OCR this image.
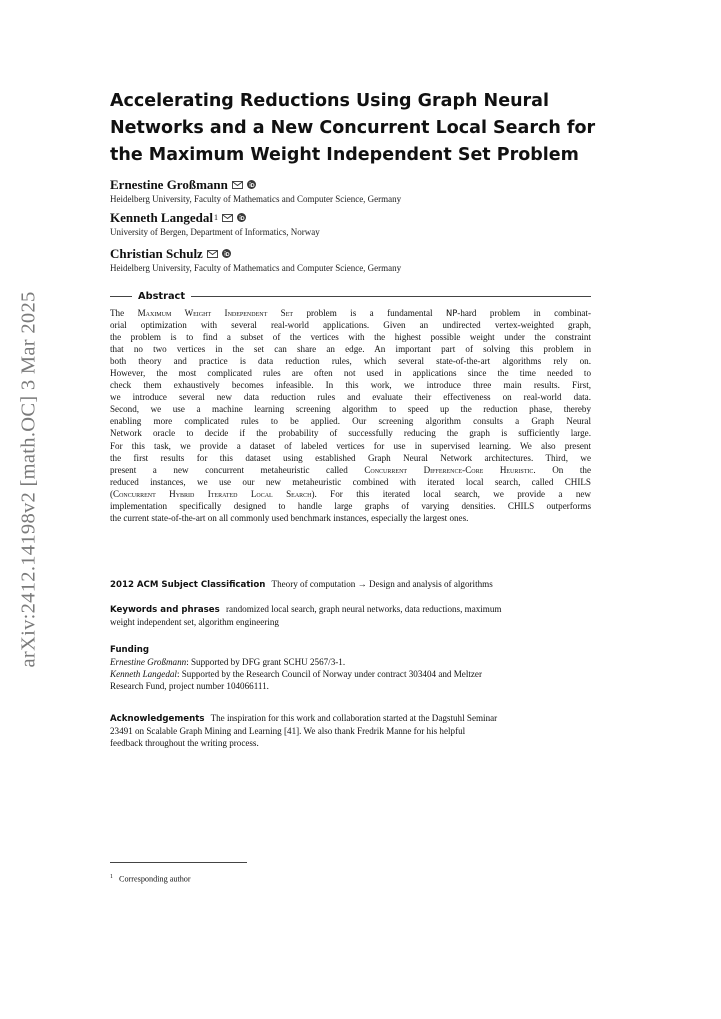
arXiv:2412.14198v2 [math.OC] 3 Mar 2025
Accelerating Reductions Using Graph Neural
Networks and a New Concurrent Local Search for
the Maximum Weight Independent Set Problem
Ernestine Großmann
Heidelberg University, Faculty of Mathematics and Computer Science, Germany
Kenneth Langedal 1
University of Bergen, Department of Informatics, Norway
Christian Schulz
Heidelberg University, Faculty of Mathematics and Computer Science, Germany
Abstract
The Maximum Weight Independent Set problem is a fundamental NP-hard problem in combinat-
orial optimization with several real-world applications. Given an undirected vertex-weighted graph,
the problem is to find a subset of the vertices with the highest possible weight under the constraint
that no two vertices in the set can share an edge. An important part of solving this problem in
both theory and practice is data reduction rules, which several state-of-the-art algorithms rely on.
However, the most complicated rules are often not used in applications since the time needed to
check them exhaustively becomes infeasible. In this work, we introduce three main results. First,
we introduce several new data reduction rules and evaluate their effectiveness on real-world data.
Second, we use a machine learning screening algorithm to speed up the reduction phase, thereby
enabling more complicated rules to be applied. Our screening algorithm consults a Graph Neural
Network oracle to decide if the probability of successfully reducing the graph is sufficiently large.
For this task, we provide a dataset of labeled vertices for use in supervised learning. We also present
the first results for this dataset using established Graph Neural Network architectures. Third, we
present a new concurrent metaheuristic called Concurrent Difference-Core Heuristic. On the
reduced instances, we use our new metaheuristic combined with iterated local search, called CHILS
(Concurrent Hybrid Iterated Local Search). For this iterated local search, we provide a new
implementation specifically designed to handle large graphs of varying densities. CHILS outperforms
the current state-of-the-art on all commonly used benchmark instances, especially the largest ones.
2012 ACM Subject Classification Theory of computation → Design and analysis of algorithms
Keywords and phrases randomized local search, graph neural networks, data reductions, maximum
weight independent set, algorithm engineering
Funding
Ernestine Großmann: Supported by DFG grant SCHU 2567/3-1.
Kenneth Langedal: Supported by the Research Council of Norway under contract 303404 and Meltzer
Research Fund, project number 104066111.
Acknowledgements The inspiration for this work and collaboration started at the Dagstuhl Seminar
23491 on Scalable Graph Mining and Learning [41]. We also thank Fredrik Manne for his helpful
feedback throughout the writing process.
$^1$ Corresponding author
